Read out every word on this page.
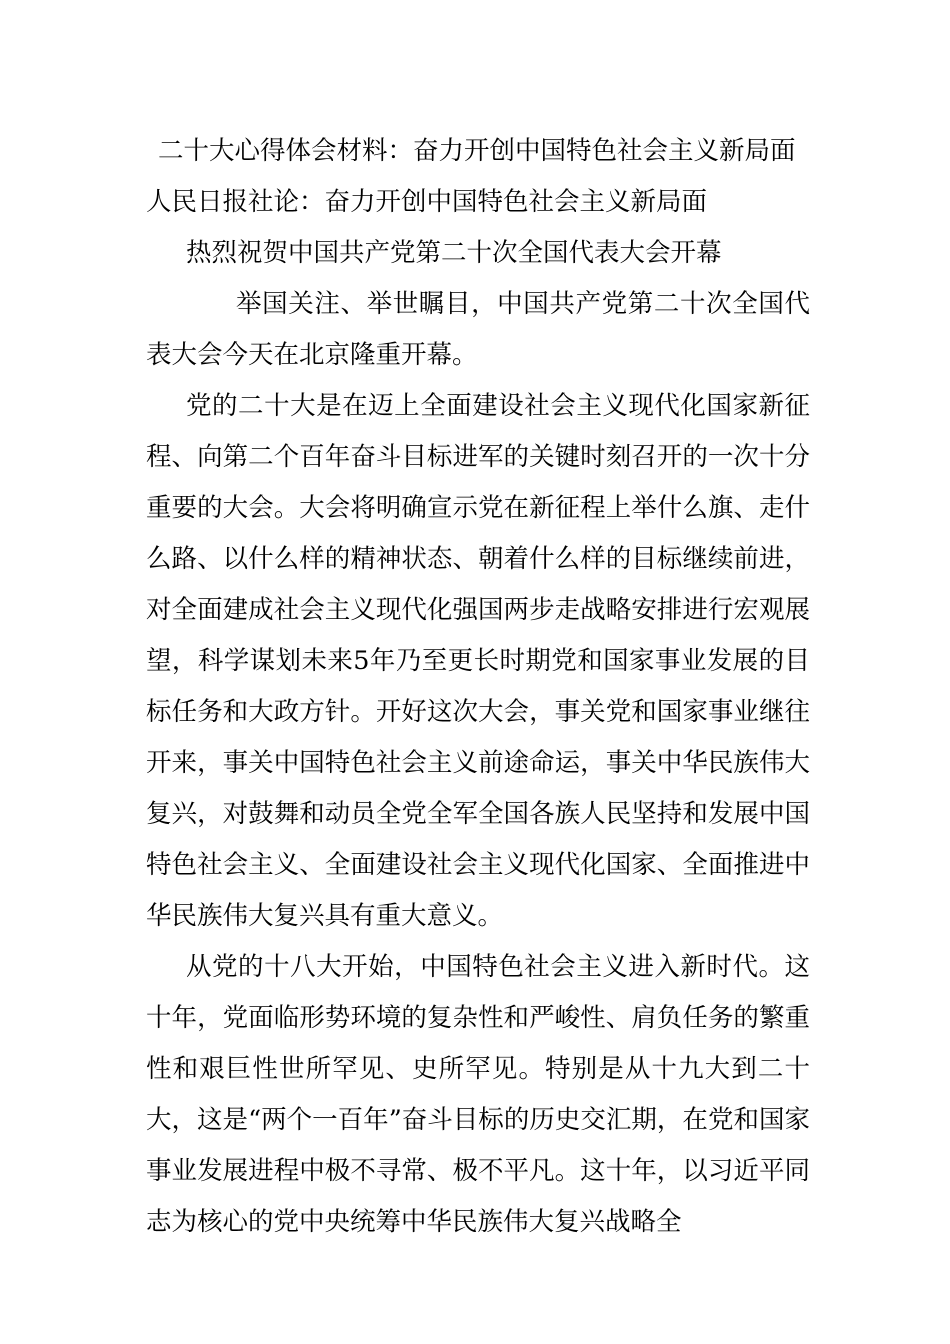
二十大心得体会材料：奋力开创中国特色社会主义新局面
人民日报社论：奋力开创中国特色社会主义新局面
热烈祝贺中国共产党第二十次全国代表大会开幕

举国关注、举世瞩目，中国共产党第二十次全国代表大会今天在北京隆重开幕。

党的二十大是在迈上全面建设社会主义现代化国家新征程、向第二个百年奋斗目标进军的关键时刻召开的一次十分重要的大会。大会将明确宣示党在新征程上举什么旗、走什么路、以什么样的精神状态、朝着什么样的目标继续前进，对全面建成社会主义现代化强国两步走战略安排进行宏观展望，科学谋划未来5年乃至更长时期党和国家事业发展的目标任务和大政方针。开好这次大会，事关党和国家事业继往开来，事关中国特色社会主义前途命运，事关中华民族伟大复兴，对鼓舞和动员全党全军全国各族人民坚持和发展中国特色社会主义、全面建设社会主义现代化国家、全面推进中华民族伟大复兴具有重大意义。

从党的十八大开始，中国特色社会主义进入新时代。这十年，党面临形势环境的复杂性和严峻性、肩负任务的繁重性和艰巨性世所罕见、史所罕见。特别是从十九大到二十大，这是“两个一百年”奋斗目标的历史交汇期，在党和国家事业发展进程中极不寻常、极不平凡。这十年，以习近平同志为核心的党中央统筹中华民族伟大复兴战略全
